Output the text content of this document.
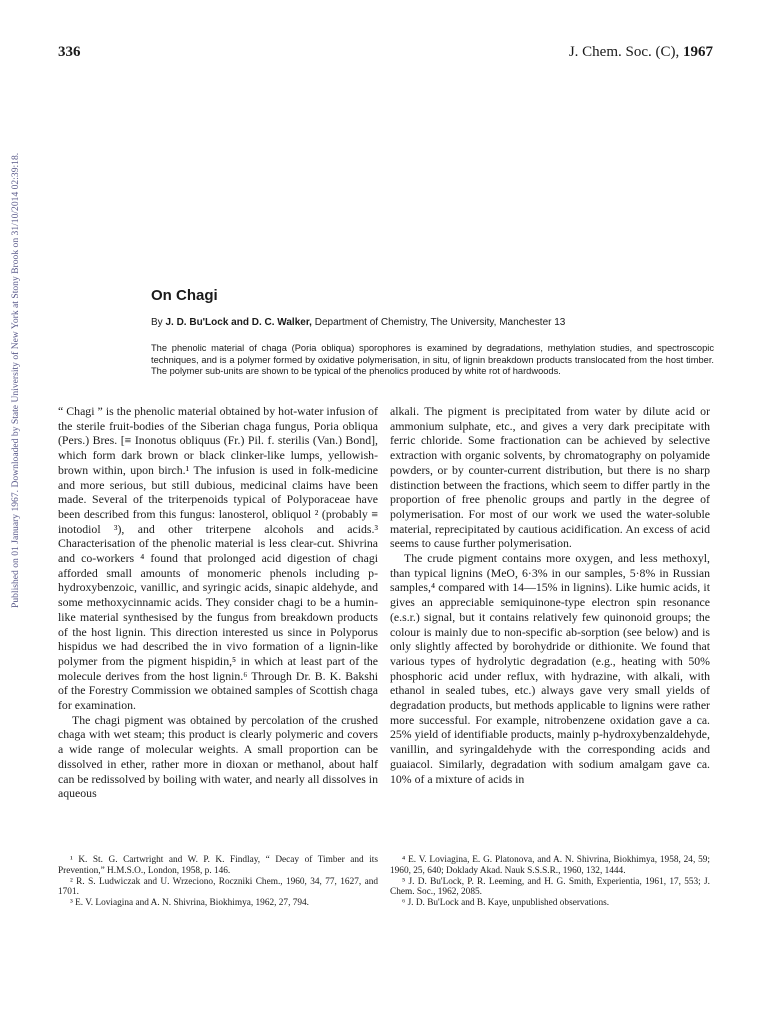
Published on 01 January 1967. Downloaded by State University of New York at Stony Brook on 31/10/2014 02:39:18.
336	J. Chem. Soc. (C), 1967
On Chagi

By J. D. Bu'Lock and D. C. Walker, Department of Chemistry, The University, Manchester 13

The phenolic material of chaga (Poria obliqua) sporophores is examined by degradations, methylation studies, and spectroscopic techniques, and is a polymer formed by oxidative polymerisation, in situ, of lignin breakdown products translocated from the host timber. The polymer sub-units are shown to be typical of the phenolics produced by white rot of hardwoods.

“ Chagi ” is the phenolic material obtained by hot-water infusion of the sterile fruit-bodies of the Siberian chaga fungus, Poria obliqua (Pers.) Bres. [≡ Inonotus obliquus (Fr.) Pil. f. sterilis (Van.) Bond], which form dark brown or black clinker-like lumps, yellowish-brown within, upon birch.¹ The infusion is used in folk-medicine and more serious, but still dubious, medicinal claims have been made. Several of the triterpenoids typical of Polyporaceae have been described from this fungus: lanosterol, obliquol ² (probably ≡ inotodiol ³), and other triterpene alcohols and acids.³ Characterisation of the phenolic material is less clear-cut. Shivrina and co-workers ⁴ found that prolonged acid digestion of chagi afforded small amounts of monomeric phenols including p-hydroxybenzoic, vanillic, and syringic acids, sinapic aldehyde, and some methoxycinnamic acids. They consider chagi to be a humin-like material synthesised by the fungus from breakdown products of the host lignin. This direction interested us since in Polyporus hispidus we had described the in vivo formation of a lignin-like polymer from the pigment hispidin,⁵ in which at least part of the molecule derives from the host lignin.⁶ Through Dr. B. K. Bakshi of the Forestry Commission we obtained samples of Scottish chaga for examination.

The chagi pigment was obtained by percolation of the crushed chaga with wet steam; this product is clearly polymeric and covers a wide range of molecular weights. A small proportion can be dissolved in ether, rather more in dioxan or methanol, about half can be redissolved by boiling with water, and nearly all dissolves in aqueous

alkali. The pigment is precipitated from water by dilute acid or ammonium sulphate, etc., and gives a very dark precipitate with ferric chloride. Some fractionation can be achieved by selective extraction with organic solvents, by chromatography on polyamide powders, or by counter-current distribution, but there is no sharp distinction between the fractions, which seem to differ partly in the proportion of free phenolic groups and partly in the degree of polymerisation. For most of our work we used the water-soluble material, reprecipitated by cautious acidification. An excess of acid seems to cause further polymerisation.

The crude pigment contains more oxygen, and less methoxyl, than typical lignins (MeO, 6·3% in our samples, 5·8% in Russian samples,⁴ compared with 14—15% in lignins). Like humic acids, it gives an appreciable semiquinone-type electron spin resonance (e.s.r.) signal, but it contains relatively few quinonoid groups; the colour is mainly due to non-specific ab-sorption (see below) and is only slightly affected by borohydride or dithionite. We found that various types of hydrolytic degradation (e.g., heating with 50% phosphoric acid under reflux, with hydrazine, with alkali, with ethanol in sealed tubes, etc.) always gave very small yields of degradation products, but methods applicable to lignins were rather more successful. For example, nitrobenzene oxidation gave a ca. 25% yield of identifiable products, mainly p-hydroxybenzaldehyde, vanillin, and syringaldehyde with the corresponding acids and guaiacol. Similarly, degradation with sodium amalgam gave ca. 10% of a mixture of acids in

¹ K. St. G. Cartwright and W. P. K. Findlay, “ Decay of Timber and its Prevention,” H.M.S.O., London, 1958, p. 146.

² R. S. Ludwiczak and U. Wrzeciono, Roczniki Chem., 1960, 34, 77, 1627, and 1701.

³ E. V. Loviagina and A. N. Shivrina, Biokhimya, 1962, 27, 794.

⁴ E. V. Loviagina, E. G. Platonova, and A. N. Shivrina, Biokhimya, 1958, 24, 59; 1960, 25, 640; Doklady Akad. Nauk S.S.S.R., 1960, 132, 1444.

⁵ J. D. Bu'Lock, P. R. Leeming, and H. G. Smith, Experientia, 1961, 17, 553; J. Chem. Soc., 1962, 2085.

⁶ J. D. Bu'Lock and B. Kaye, unpublished observations.
